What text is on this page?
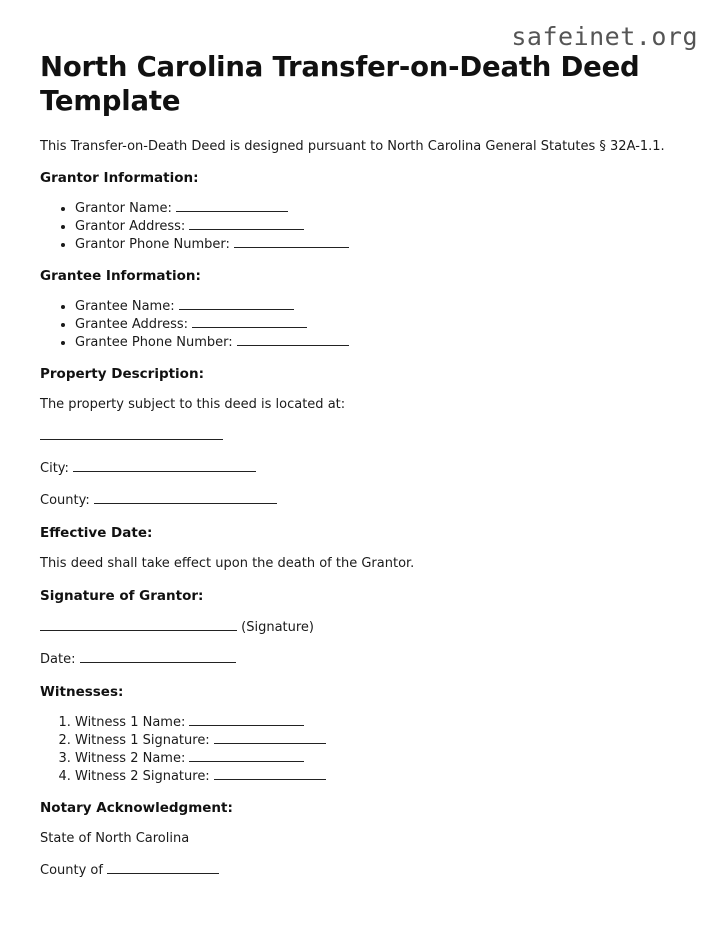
safeinet.org
North Carolina Transfer-on-Death Deed Template

This Transfer-on-Death Deed is designed pursuant to North Carolina General Statutes § 32A-1.1.

Grantor Information:
• Grantor Name:
• Grantor Address:
• Grantor Phone Number:
Grantee Information:
• Grantee Name:
• Grantee Address:
• Grantee Phone Number:
Property Description:

The property subject to this deed is located at:

City:

County:

Effective Date:

This deed shall take effect upon the death of the Grantor.

Signature of Grantor:

(Signature)

Date:

Witnesses:
1. Witness 1 Name:
2. Witness 1 Signature:
3. Witness 2 Name:
4. Witness 2 Signature:
Notary Acknowledgment:

State of North Carolina

County of
